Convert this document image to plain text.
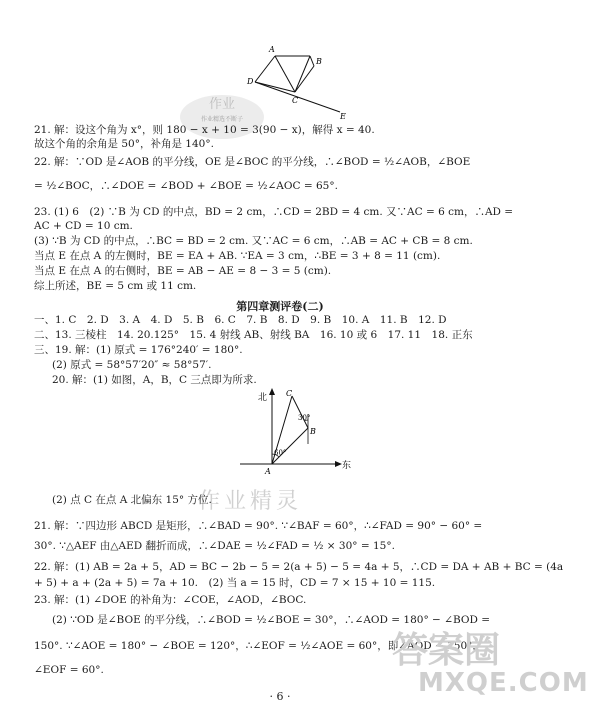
A
B
C
D
E
作业
作业精选不断子
21. 解：设这个角为 x°，则 180 − x + 10 = 3(90 − x)，解得 x = 40.
故这个角的余角是 50°，补角是 140°.
22. 解：∵OD 是∠AOB 的平分线，OE 是∠BOC 的平分线，∴∠BOD = ½∠AOB，∠BOE
= ½∠BOC，∴∠DOE = ∠BOD + ∠BOE = ½∠AOC = 65°.
23. (1) 6　(2) ∵B 为 CD 的中点，BD = 2 cm，∴CD = 2BD = 4 cm. 又∵AC = 6 cm，∴AD =
AC + CD = 10 cm.
(3) ∵B 为 CD 的中点，∴BC = BD = 2 cm. 又∵AC = 6 cm，∴AB = AC + CB = 8 cm.
当点 E 在点 A 的左侧时，BE = EA + AB. ∵EA = 3 cm，∴BE = 3 + 8 = 11 (cm).
当点 E 在点 A 的右侧时，BE = AB − AE = 8 − 3 = 5 (cm).
综上所述，BE = 5 cm 或 11 cm.
第四章测评卷(二)
一、1. C　2. D　3. A　4. D　5. B　6. C　7. B　8. D　9. B　10. A　11. B　12. D
二、13. 三棱柱　14. 20.125°　15. 4 射线 AB、射线 BA　16. 10 或 6　17. 11　18. 正东
三、19. 解：(1) 原式 = 176°240′ = 180°.
(2) 原式 = 58°57′20″ ≈ 58°57′.
20. 解：(1) 如图，A，B，C 三点即为所求.
北
东
A
B
C
30°
60°
作业精灵
(2) 点 C 在点 A 北偏东 15° 方位.
21. 解：∵四边形 ABCD 是矩形，∴∠BAD = 90°. ∵∠BAF = 60°，∴∠FAD = 90° − 60° =
30°. ∵△AEF 由△AED 翻折而成，∴∠DAE = ½∠FAD = ½ × 30° = 15°.
22. 解：(1) AB = 2a + 5，AD = BC − 2b − 5 = 2(a + 5) − 5 = 4a + 5，∴CD = DA + AB + BC = (4a
+ 5) + a + (2a + 5) = 7a + 10.　(2) 当 a = 15 时，CD = 7 × 15 + 10 = 115.
23. 解：(1) ∠DOE 的补角为：∠COE，∠AOD，∠BOC.
(2) ∵OD 是∠BOE 的平分线，∴∠BOD = ½∠BOE = 30°，∴∠AOD = 180° − ∠BOD =
150°. ∵∠AOE = 180° − ∠BOE = 120°，∴∠EOF = ½∠AOE = 60°，即∠AOD − 150°，
∠EOF = 60°.	答案圈
MXQE.COM
· 6 ·
